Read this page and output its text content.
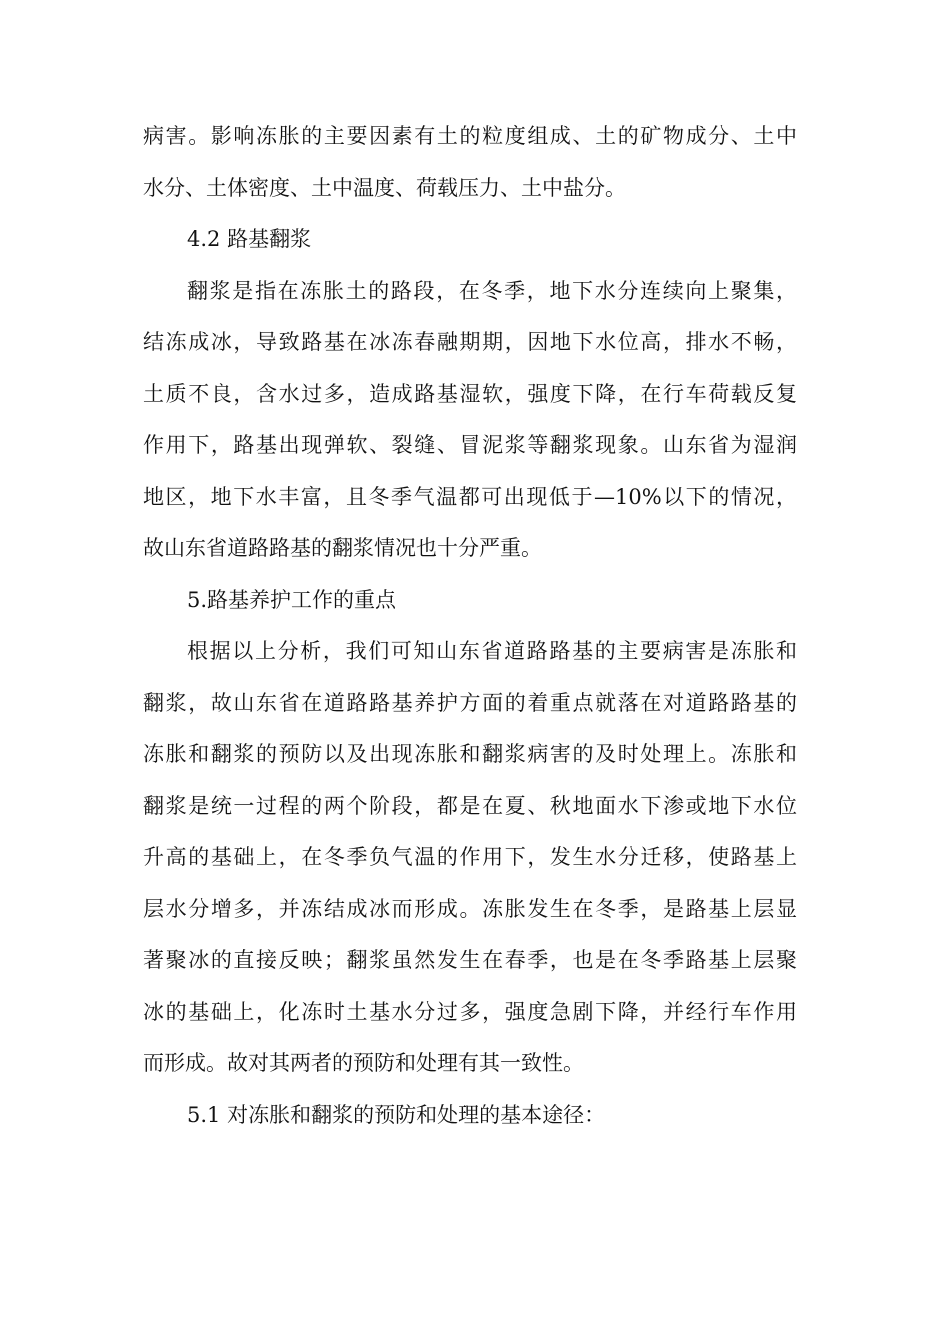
病害。影响冻胀的主要因素有土的粒度组成、土的矿物成分、土中
水分、土体密度、土中温度、荷载压力、土中盐分。
4.2 路基翻浆
翻浆是指在冻胀土的路段，在冬季，地下水分连续向上聚集，
结冻成冰，导致路基在冰冻春融期期，因地下水位高，排水不畅，
土质不良，含水过多，造成路基湿软，强度下降，在行车荷载反复
作用下，路基出现弹软、裂缝、冒泥浆等翻浆现象。山东省为湿润
地区，地下水丰富，且冬季气温都可出现低于—10%以下的情况，
故山东省道路路基的翻浆情况也十分严重。
5.路基养护工作的重点
根据以上分析，我们可知山东省道路路基的主要病害是冻胀和
翻浆，故山东省在道路路基养护方面的着重点就落在对道路路基的
冻胀和翻浆的预防以及出现冻胀和翻浆病害的及时处理上。冻胀和
翻浆是统一过程的两个阶段，都是在夏、秋地面水下渗或地下水位
升高的基础上，在冬季负气温的作用下，发生水分迁移，使路基上
层水分增多，并冻结成冰而形成。冻胀发生在冬季，是路基上层显
著聚冰的直接反映；翻浆虽然发生在春季，也是在冬季路基上层聚
冰的基础上，化冻时土基水分过多，强度急剧下降，并经行车作用
而形成。故对其两者的预防和处理有其一致性。
5.1 对冻胀和翻浆的预防和处理的基本途径：
